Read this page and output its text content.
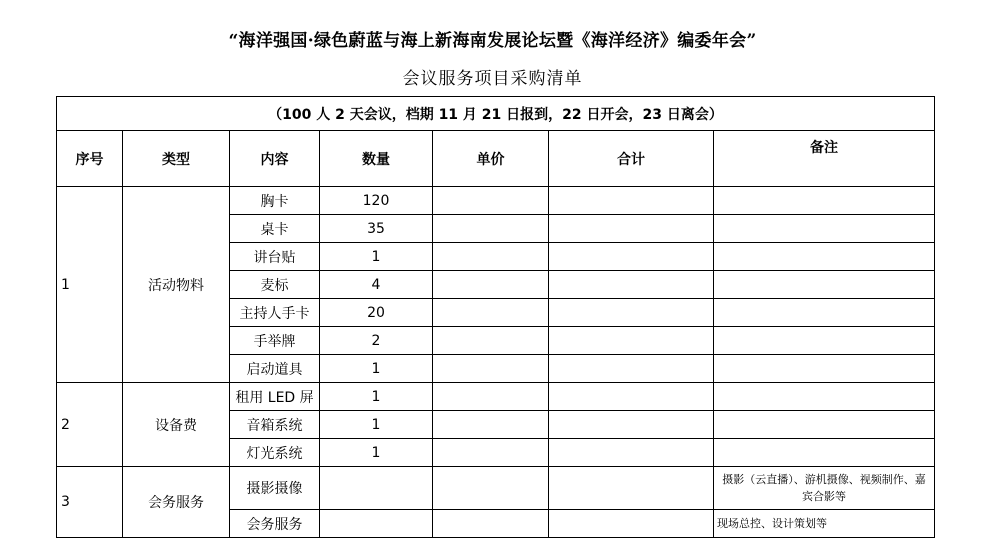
“海洋强国·绿色蔚蓝与海上新海南发展论坛暨《海洋经济》编委年会”
会议服务项目采购清单
（100 人 2 天会议，档期 11 月 21 日报到，22 日开会，23 日离会）						
序号	类型	内容	数量	单价	合计	备注
1	活动物料	胸卡	120			
		桌卡	35			
		讲台贴	1			
		麦标	4			
		主持人手卡	20			
		手举牌	2			
		启动道具	1			
2	设备费	租用 LED 屏	1			
		音箱系统	1			
		灯光系统	1			
3	会务服务	摄影摄像				摄影（云直播）、游机摄像、视频制作、嘉宾合影等
		会务服务				现场总控、设计策划等
